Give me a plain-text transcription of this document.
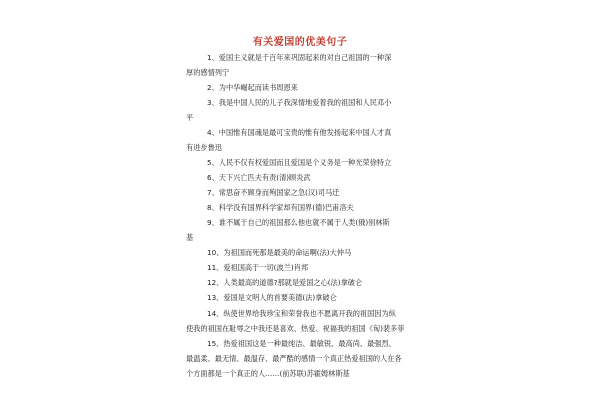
有关爱国的优美句子
1、爱国主义就是千百年来巩固起来的对自己祖国的一种深
厚的感情列宁
2、为中华崛起而读书周恩来
3、我是中国人民的儿子我深情地爱着我的祖国和人民邓小
平
4、中国惟有国魂是最可宝贵的惟有他发扬起来中国人才真
有进步鲁迅
5、人民不仅有权爱国而且爱国是个义务是一种光荣徐特立
6、天下兴亡匹夫有责(清)顾炎武
7、常思奋不顾身而殉国家之急(汉)司马迁
8、科学没有国界科学家却有国界(德)巴甫洛夫
9、谁不属于自己的祖国那么他也就不属于人类(俄)别林斯
基
10、为祖国而死那是最美的命运啊(法)大仲马
11、爱祖国高于一切(波兰)肖邦
12、人类最高的道德?那就是爱国之心(法)拿破仑
13、爱国是文明人的首要美德(法)拿破仑
14、纵使世界给我珍宝和荣誉我也不愿离开我的祖国因为纵
使我的祖国在耻辱之中我还是喜欢、热爱、祝福我的祖国《匈)裴多菲
15、热爱祖国这是一种最纯洁、最敏锐、最高尚、最强烈、
最温柔、最无情、最温存、最严酷的感情一个真正热爱祖国的人在各
个方面都是一个真正的人……(前苏联)苏霍姆林斯基
